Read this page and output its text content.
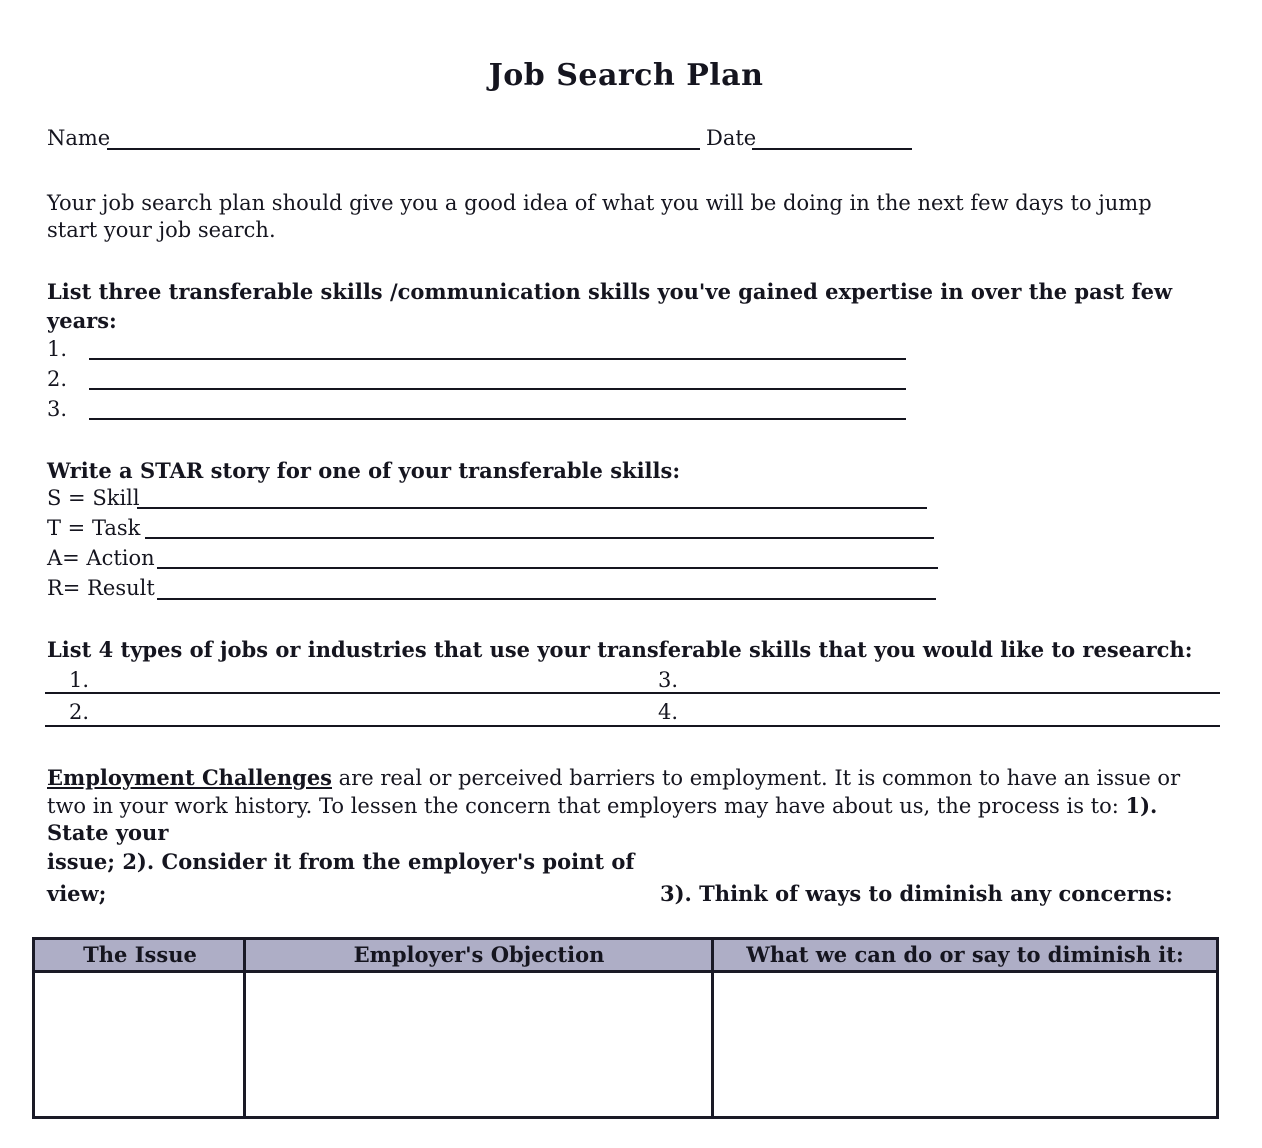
Job Search Plan
Name	Date
Your job search plan should give you a good idea of what you will be doing in the next few days to jump
start your job search.
List three transferable skills /communication skills you've gained expertise in over the past few
years:
1.
2.
3.
Write a STAR story for one of your transferable skills:
S = Skill
T = Task
A= Action
R= Result
List 4 types of jobs or industries that use your transferable skills that you would like to research:
1.	3.
2.	4.
Employment Challenges are real or perceived barriers to employment. It is common to have an issue or
two in your work history. To lessen the concern that employers may have about us, the process is to: 1).
State your
issue; 2). Consider it from the employer's point of
view;	3). Think of ways to diminish any concerns:
The Issue	Employer's Objection	What we can do or say to diminish it:
